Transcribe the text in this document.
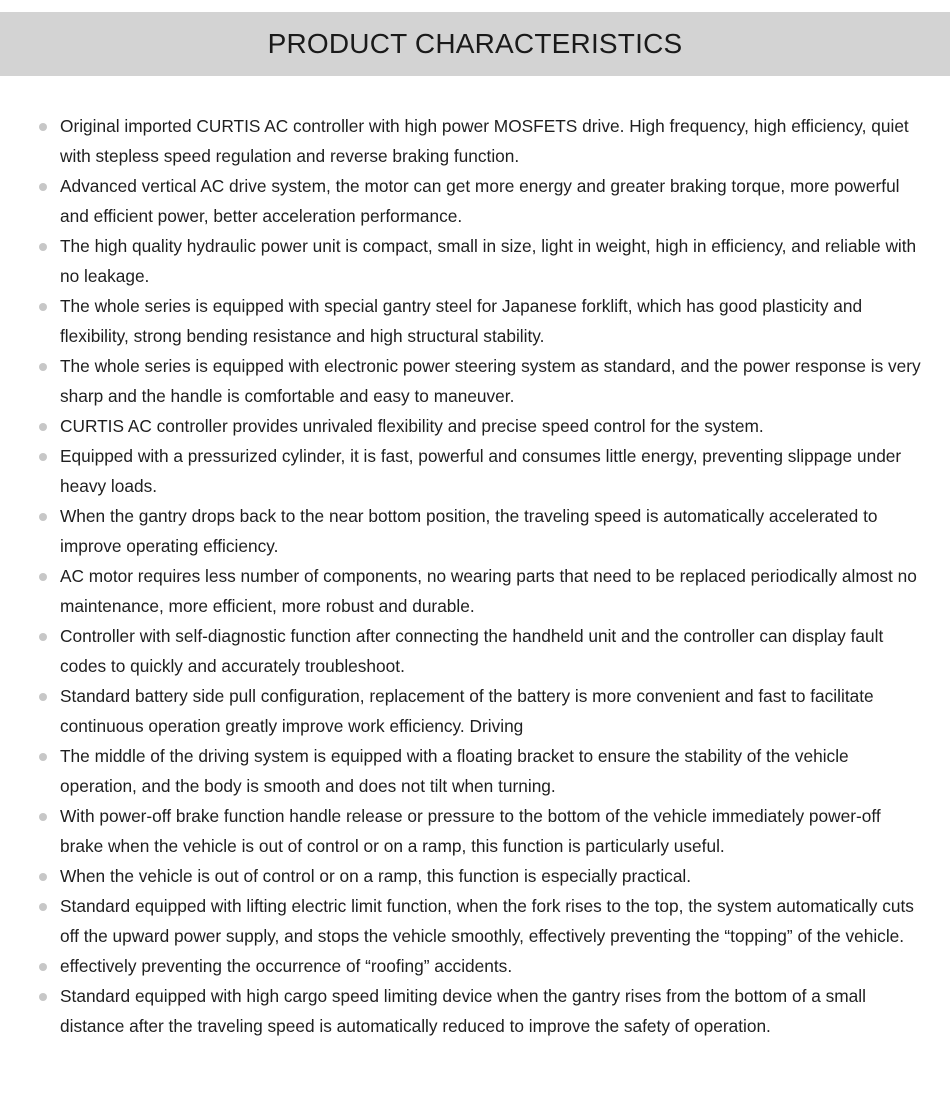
PRODUCT CHARACTERISTICS
Original imported CURTIS AC controller with high power MOSFETS drive. High frequency, high efficiency, quiet with stepless speed regulation and reverse braking function.
Advanced vertical AC drive system, the motor can get more energy and greater braking torque, more powerful and efficient power, better acceleration performance.
The high quality hydraulic power unit is compact, small in size, light in weight, high in efficiency, and reliable with no leakage.
The whole series is equipped with special gantry steel for Japanese forklift, which has good plasticity and flexibility, strong bending resistance and high structural stability.
The whole series is equipped with electronic power steering system as standard, and the power response is very sharp and the handle is comfortable and easy to maneuver.
CURTIS AC controller provides unrivaled flexibility and precise speed control for the system.
Equipped with a pressurized cylinder, it is fast, powerful and consumes little energy, preventing slippage under heavy loads.
When the gantry drops back to the near bottom position, the traveling speed is automatically accelerated to improve operating efficiency.
AC motor requires less number of components, no wearing parts that need to be replaced periodically almost no maintenance, more efficient, more robust and durable.
Controller with self-diagnostic function after connecting the handheld unit and the controller can display fault codes to quickly and accurately troubleshoot.
Standard battery side pull configuration, replacement of the battery is more convenient and fast to facilitate continuous operation greatly improve work efficiency. Driving
The middle of the driving system is equipped with a floating bracket to ensure the stability of the vehicle operation, and the body is smooth and does not tilt when turning.
With power-off brake function handle release or pressure to the bottom of the vehicle immediately power-off brake when the vehicle is out of control or on a ramp, this function is particularly useful.
When the vehicle is out of control or on a ramp, this function is especially practical.
Standard equipped with lifting electric limit function, when the fork rises to the top, the system automatically cuts off the upward power supply, and stops the vehicle smoothly, effectively preventing the “topping” of the vehicle.
effectively preventing the occurrence of “roofing” accidents.
Standard equipped with high cargo speed limiting device when the gantry rises from the bottom of a small distance after the traveling speed is automatically reduced to improve the safety of operation.
